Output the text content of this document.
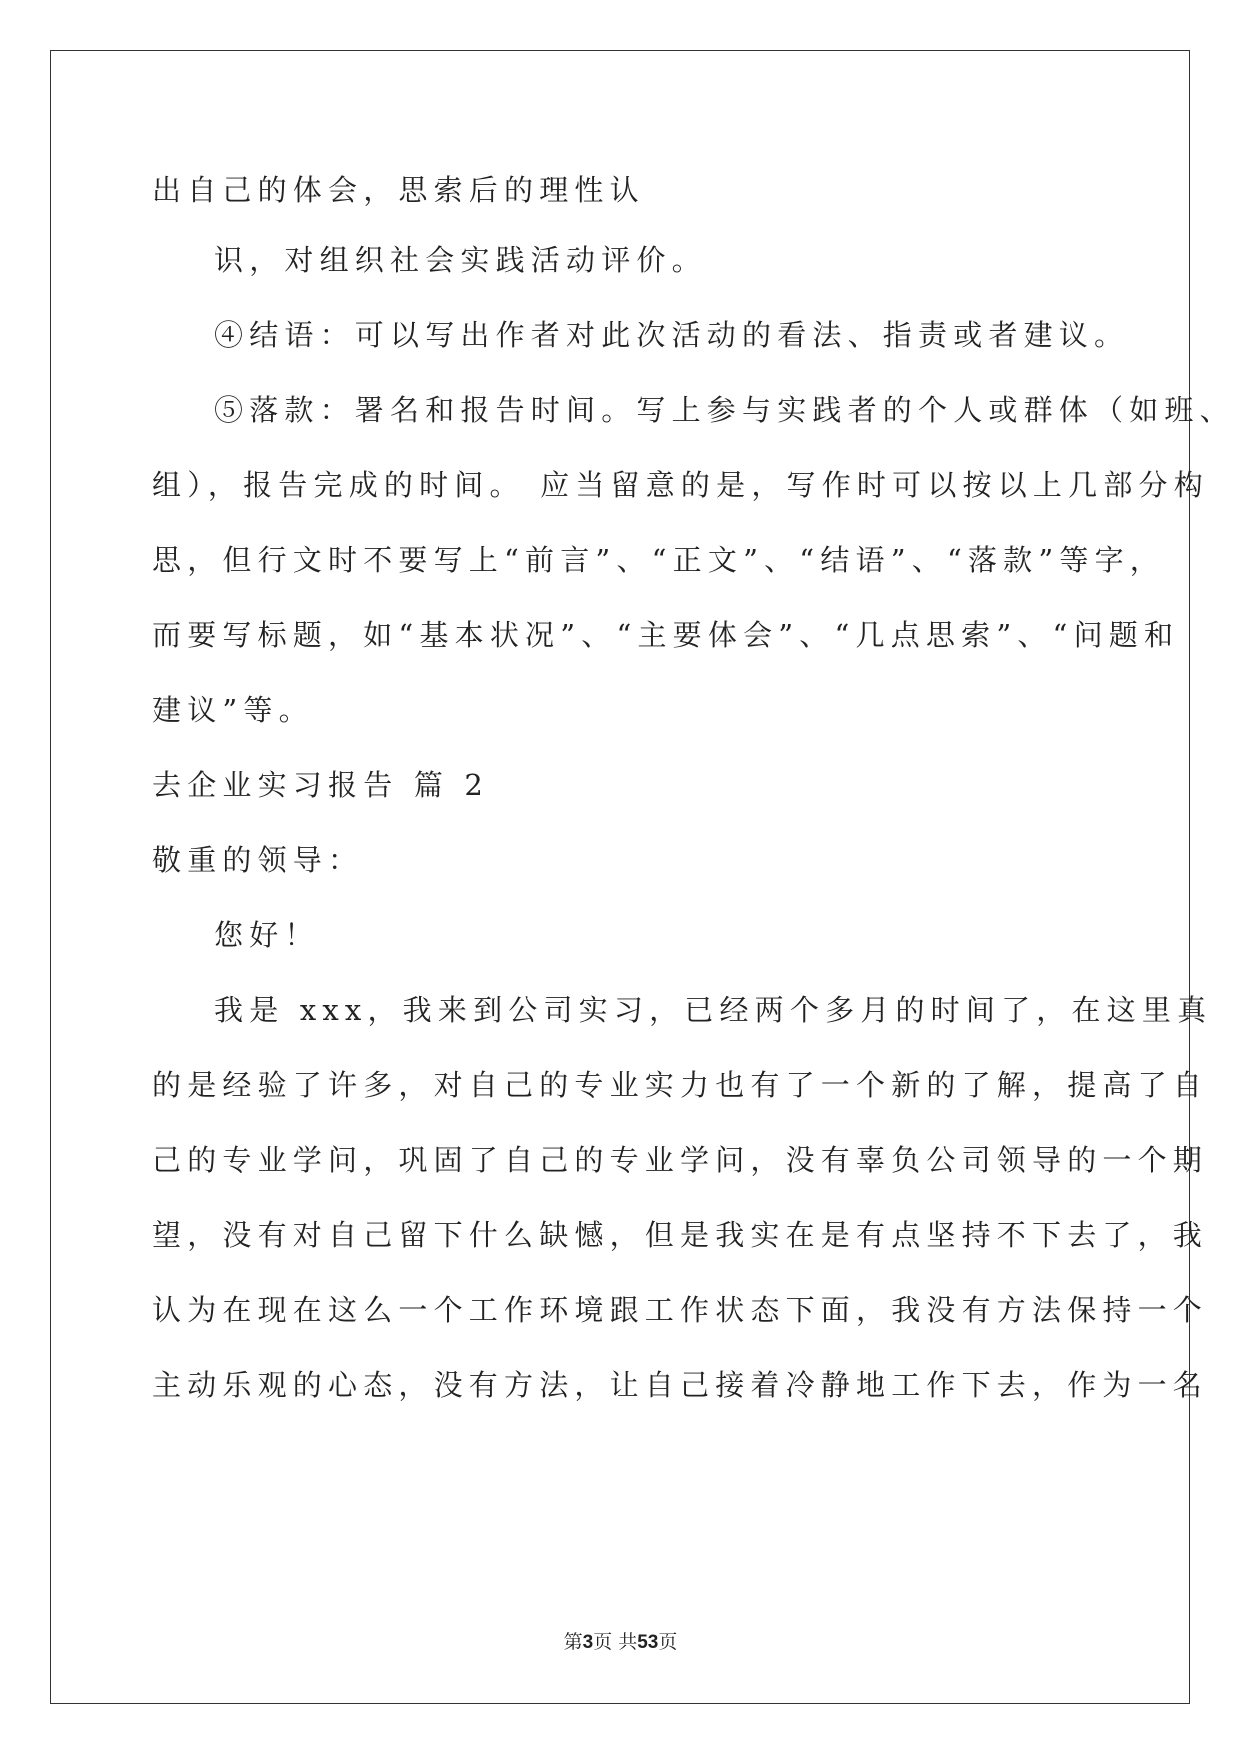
出自己的体会，思索后的理性认
识，对组织社会实践活动评价。
④结语：可以写出作者对此次活动的看法、指责或者建议。
⑤落款：署名和报告时间。写上参与实践者的个人或群体（如班、
组），报告完成的时间。 应当留意的是，写作时可以按以上几部分构
思，但行文时不要写上“前言”、“正文”、“结语”、“落款”等字，
而要写标题，如“基本状况”、“主要体会”、“几点思索”、“问题和
建议”等。
去企业实习报告 篇 2
敬重的领导：
您好！
我是 xxx，我来到公司实习，已经两个多月的时间了，在这里真
的是经验了许多，对自己的专业实力也有了一个新的了解，提高了自
己的专业学问，巩固了自己的专业学问，没有辜负公司领导的一个期
望，没有对自己留下什么缺憾，但是我实在是有点坚持不下去了，我
认为在现在这么一个工作环境跟工作状态下面，我没有方法保持一个
主动乐观的心态，没有方法，让自己接着冷静地工作下去，作为一名
第3页 共53页
